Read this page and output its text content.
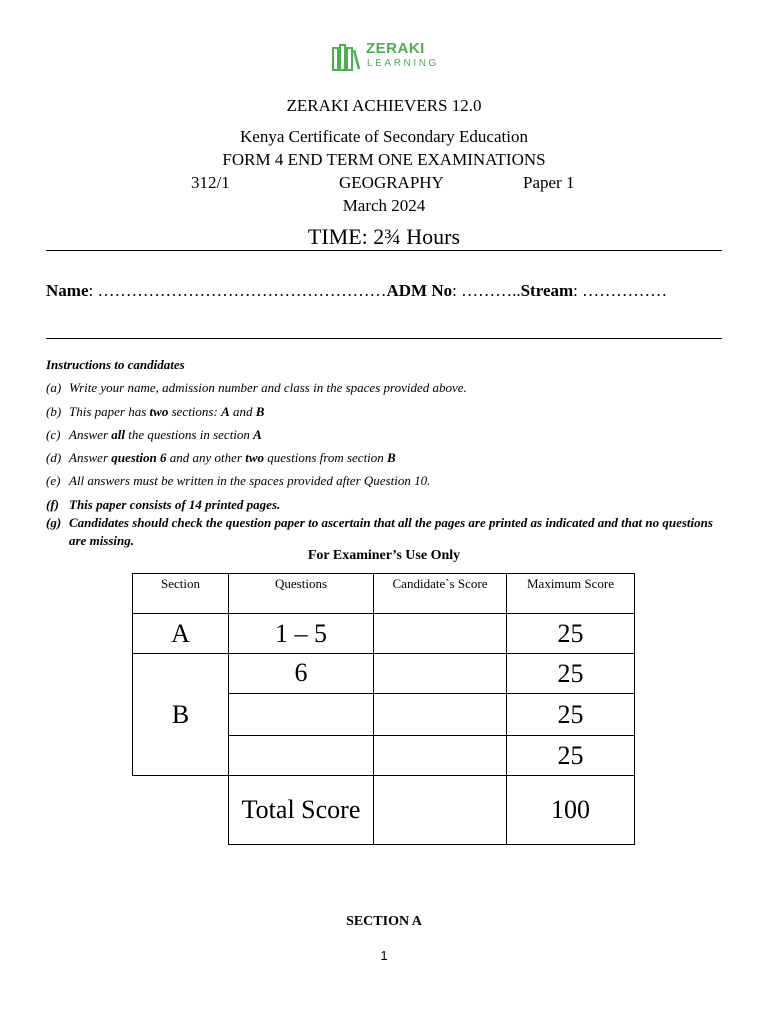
ZERAKI
LEARNING
ZERAKI ACHIEVERS 12.0
Kenya Certificate of Secondary Education
FORM 4 END TERM ONE EXAMINATIONS
312/1	GEOGRAPHY	Paper 1
March 2024
TIME: 2¾ Hours
Name: ……………………………………………ADM No: ………..Stream: ……………
Instructions to candidates
(a) Write your name, admission number and class in the spaces provided above.
(b) This paper has two sections: A and B
(c) Answer all the questions in section A
(d) Answer question 6 and any other two questions from section B
(e) All answers must be written in the spaces provided after Question 10.
(f) This paper consists of 14 printed pages.
(g) Candidates should check the question paper to ascertain that all the pages are printed as indicated and that no questions are missing.
For Examiner’s Use Only
Section	Questions	Candidate`s Score	Maximum Score
A	1 – 5		25
B	6		25
			25
			25
	Total Score		100
SECTION A
1
